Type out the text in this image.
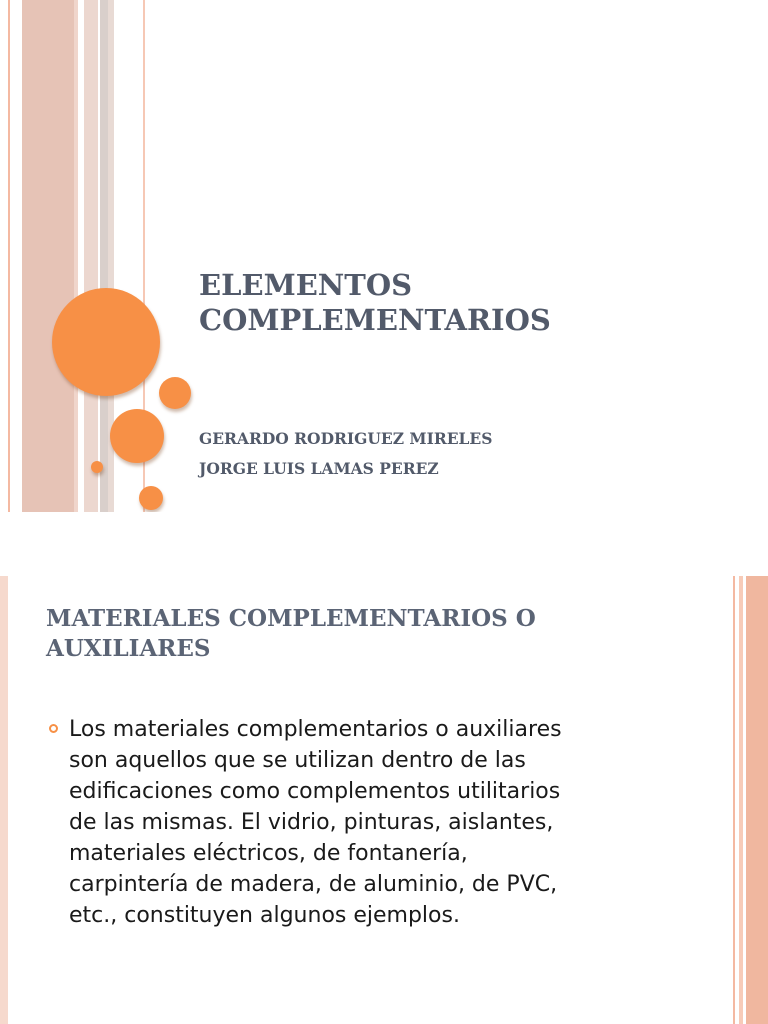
ELEMENTOS
COMPLEMENTARIOS
GERARDO RODRIGUEZ MIRELES
JORGE LUIS LAMAS PEREZ
MATERIALES COMPLEMENTARIOS O
AUXILIARES
Los materiales complementarios o auxiliares
son aquellos que se utilizan dentro de las
edificaciones como complementos utilitarios
de las mismas. El vidrio, pinturas, aislantes,
materiales eléctricos, de fontanería,
carpintería de madera, de aluminio, de PVC,
etc., constituyen algunos ejemplos.
